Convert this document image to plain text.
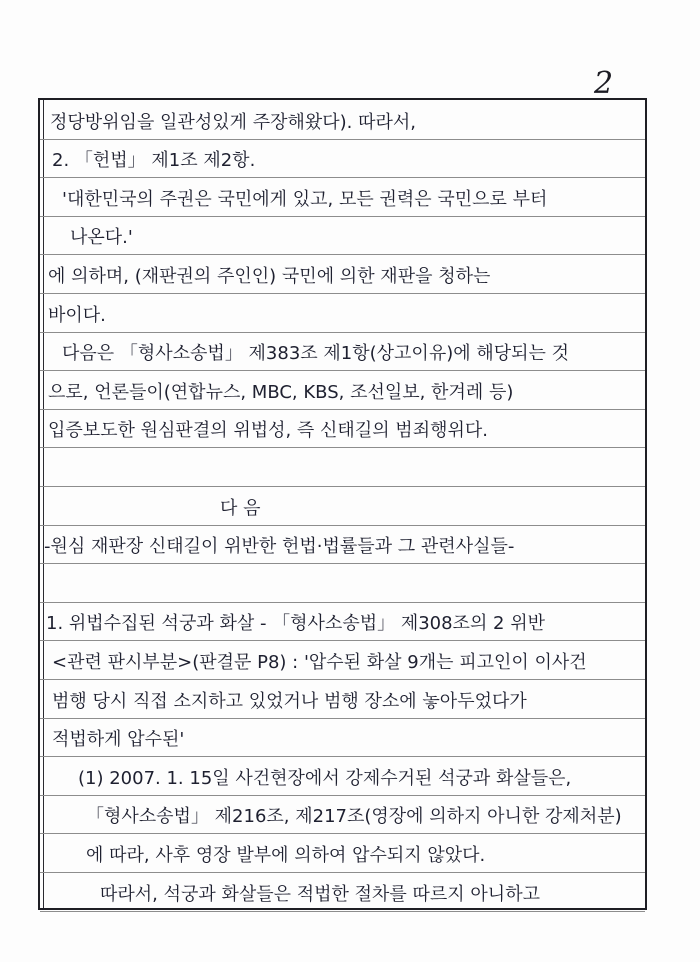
2
정당방위임을 일관성있게 주장해왔다). 따라서,
2. 「헌법」 제1조 제2항.
'대한민국의 주권은 국민에게 있고, 모든 권력은 국민으로 부터
나온다.'
에 의하며, (재판권의 주인인) 국민에 의한 재판을 청하는
바이다.
다음은 「형사소송법」 제383조 제1항(상고이유)에 해당되는 것
으로, 언론들이(연합뉴스, MBC, KBS, 조선일보, 한겨레 등)
입증보도한 원심판결의 위법성, 즉 신태길의 범죄행위다.
다 음
-원심 재판장 신태길이 위반한 헌법·법률들과 그 관련사실들-
1. 위법수집된 석궁과 화살 - 「형사소송법」 제308조의 2 위반
<관련 판시부분>(판결문 P8) : '압수된 화살 9개는 피고인이 이사건
범행 당시 직접 소지하고 있었거나 범행 장소에 놓아두었다가
적법하게 압수된'
(1) 2007. 1. 15일 사건현장에서 강제수거된 석궁과 화살들은,
「형사소송법」 제216조, 제217조(영장에 의하지 아니한 강제처분)
에 따라, 사후 영장 발부에 의하여 압수되지 않았다.
따라서, 석궁과 화살들은 적법한 절차를 따르지 아니하고
